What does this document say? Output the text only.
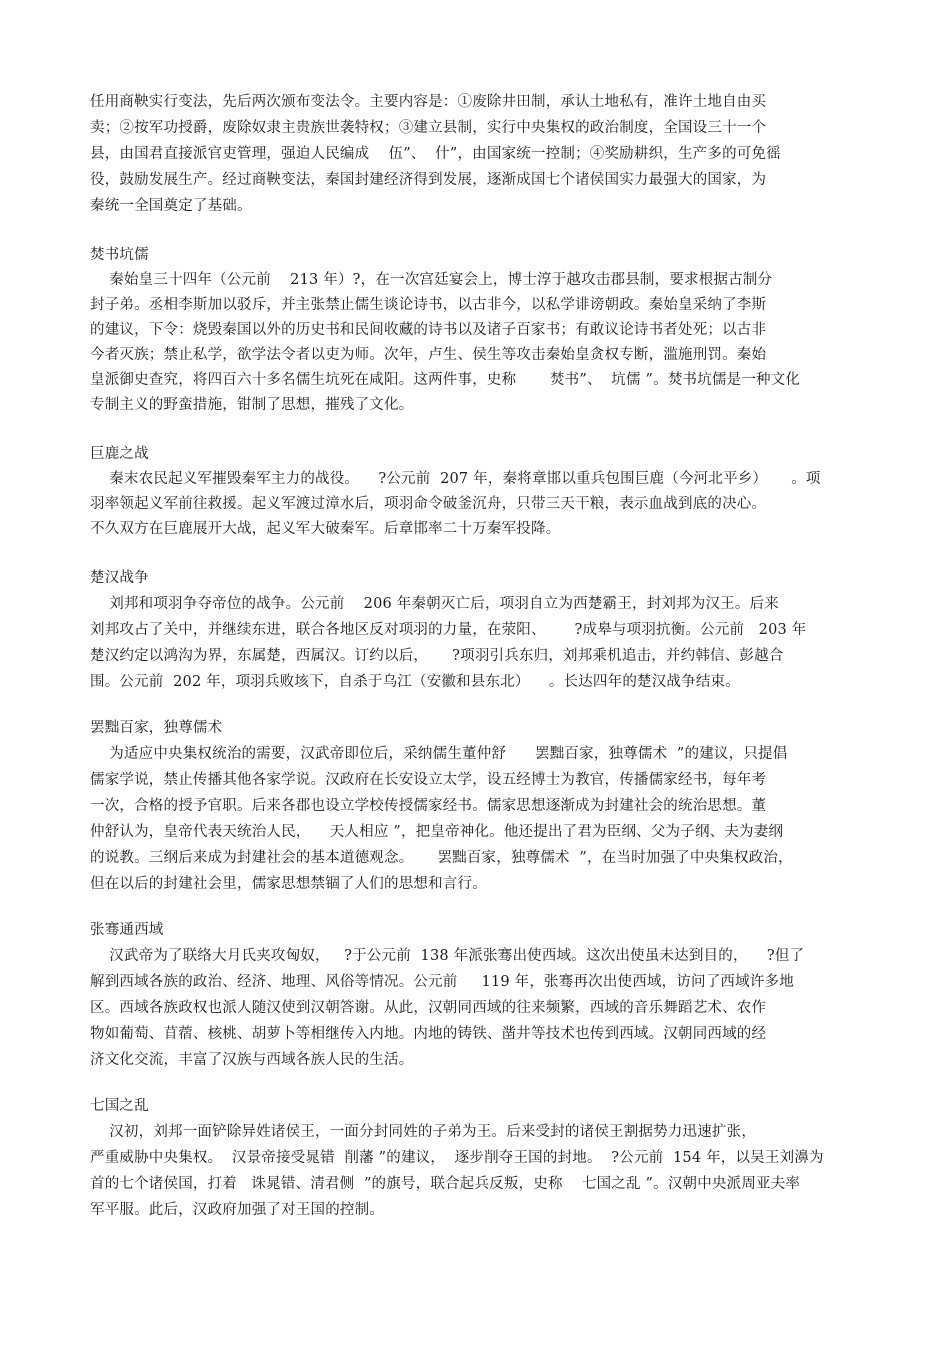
任用商鞅实行变法，先后两次颁布变法令。主要内容是：①废除井田制，承认土地私有，准许土地自由买
卖；②按军功授爵，废除奴隶主贵族世袭特权；③建立县制，实行中央集权的政治制度，全国设三十一个
县，由国君直接派官吏管理，强迫人民编成    伍”、  什”，由国家统一控制；④奖励耕织，生产多的可免徭
役，鼓励发展生产。经过商鞅变法，秦国封建经济得到发展，逐渐成国七个诸侯国实力最强大的国家，为
秦统一全国奠定了基础。
焚书坑儒
秦始皇三十四年（公元前    213 年）?，在一次宫廷宴会上，博士淳于越攻击郡县制，要求根据古制分
封子弟。丞相李斯加以驳斥，并主张禁止儒生谈论诗书，以古非今，以私学诽谤朝政。秦始皇采纳了李斯
的建议，下令：烧毁秦国以外的历史书和民间收藏的诗书以及诸子百家书；有敢议论诗书者处死；以古非
今者灭族；禁止私学，欲学法令者以吏为师。次年，卢生、侯生等攻击秦始皇贪权专断，滥施刑罚。秦始
皇派御史查究，将四百六十多名儒生坑死在咸阳。这两件事，史称       焚书”、  坑儒 ”。焚书坑儒是一种文化
专制主义的野蛮措施，钳制了思想，摧残了文化。
巨鹿之战
秦末农民起义军摧毁秦军主力的战役。    ?公元前  207 年，秦将章邯以重兵包围巨鹿（今河北平乡）     。项
羽率领起义军前往救援。起义军渡过漳水后，项羽命令破釜沉舟，只带三天干粮，表示血战到底的决心。
不久双方在巨鹿展开大战，起义军大破秦军。后章邯率二十万秦军投降。
楚汉战争
刘邦和项羽争夺帝位的战争。公元前    206 年秦朝灭亡后，项羽自立为西楚霸王，封刘邦为汉王。后来
刘邦攻占了关中，并继续东进，联合各地区反对项羽的力量，在荥阳、      ?成皋与项羽抗衡。公元前   203 年
楚汉约定以鸿沟为界，东属楚，西属汉。订约以后，     ?项羽引兵东归，刘邦乘机追击，并约韩信、彭越合
围。公元前  202 年，项羽兵败垓下，自杀于乌江（安徽和县东北）    。长达四年的楚汉战争结束。
罢黜百家，独尊儒术
为适应中央集权统治的需要，汉武帝即位后，采纳儒生董仲舒      罢黜百家，独尊儒术  ”的建议，只提倡
儒家学说，禁止传播其他各家学说。汉政府在长安设立太学，设五经博士为教官，传播儒家经书，每年考
一次，合格的授予官职。后来各郡也设立学校传授儒家经书。儒家思想逐渐成为封建社会的统治思想。董
仲舒认为，皇帝代表天统治人民，    天人相应 ”，把皇帝神化。他还提出了君为臣纲、父为子纲、夫为妻纲
的说教。三纲后来成为封建社会的基本道德观念。     罢黜百家，独尊儒术  ”，在当时加强了中央集权政治，
但在以后的封建社会里，儒家思想禁锢了人们的思想和言行。
张骞通西域
汉武帝为了联络大月氏夹攻匈奴，   ?于公元前  138 年派张骞出使西域。这次出使虽未达到目的，    ?但了
解到西域各族的政治、经济、地理、风俗等情况。公元前     119 年，张骞再次出使西域，访问了西域许多地
区。西域各族政权也派人随汉使到汉朝答谢。从此，汉朝同西域的往来频繁，西域的音乐舞蹈艺术、农作
物如葡萄、苜蓿、核桃、胡萝卜等相继传入内地。内地的铸铁、凿井等技术也传到西域。汉朝同西域的经
济文化交流，丰富了汉族与西域各族人民的生活。
七国之乱
汉初，刘邦一面铲除异姓诸侯王，一面分封同姓的子弟为王。后来受封的诸侯王割据势力迅速扩张，
严重威胁中央集权。  汉景帝接受晁错  削藩 ”的建议，  逐步削夺王国的封地。  ?公元前  154 年，以吴王刘濞为
首的七个诸侯国，打着   诛晁错、清君侧  ”的旗号，联合起兵反叛，史称    七国之乱 ”。汉朝中央派周亚夫率
军平服。此后，汉政府加强了对王国的控制。
